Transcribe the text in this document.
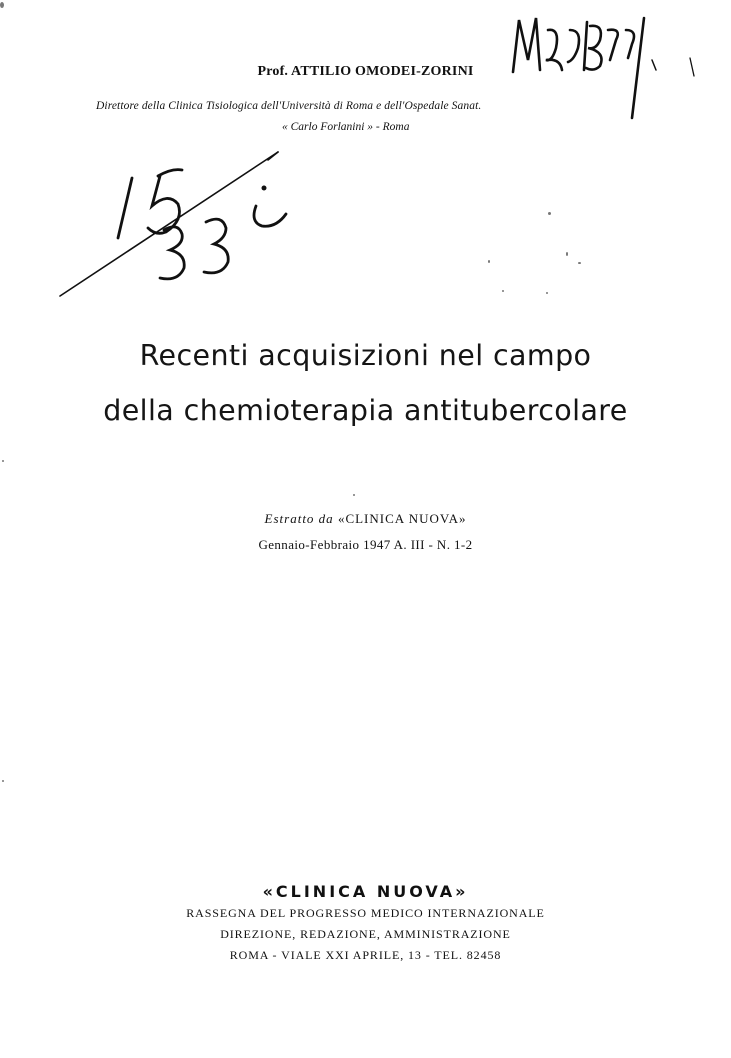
Prof. ATTILIO OMODEI-ZORINI
Direttore della Clinica Tisiologica dell'Università di Roma e dell'Ospedale Sanat.
« Carlo Forlanini » - Roma
Recenti acquisizioni nel campo
della chemioterapia antitubercolare
Estratto da «CLINICA NUOVA»
Gennaio-Febbraio 1947 A. III - N. 1-2
«CLINICA NUOVA»
RASSEGNA DEL PROGRESSO MEDICO INTERNAZIONALE
DIREZIONE, REDAZIONE, AMMINISTRAZIONE
ROMA - VIALE XXI APRILE, 13 - TEL. 82458
